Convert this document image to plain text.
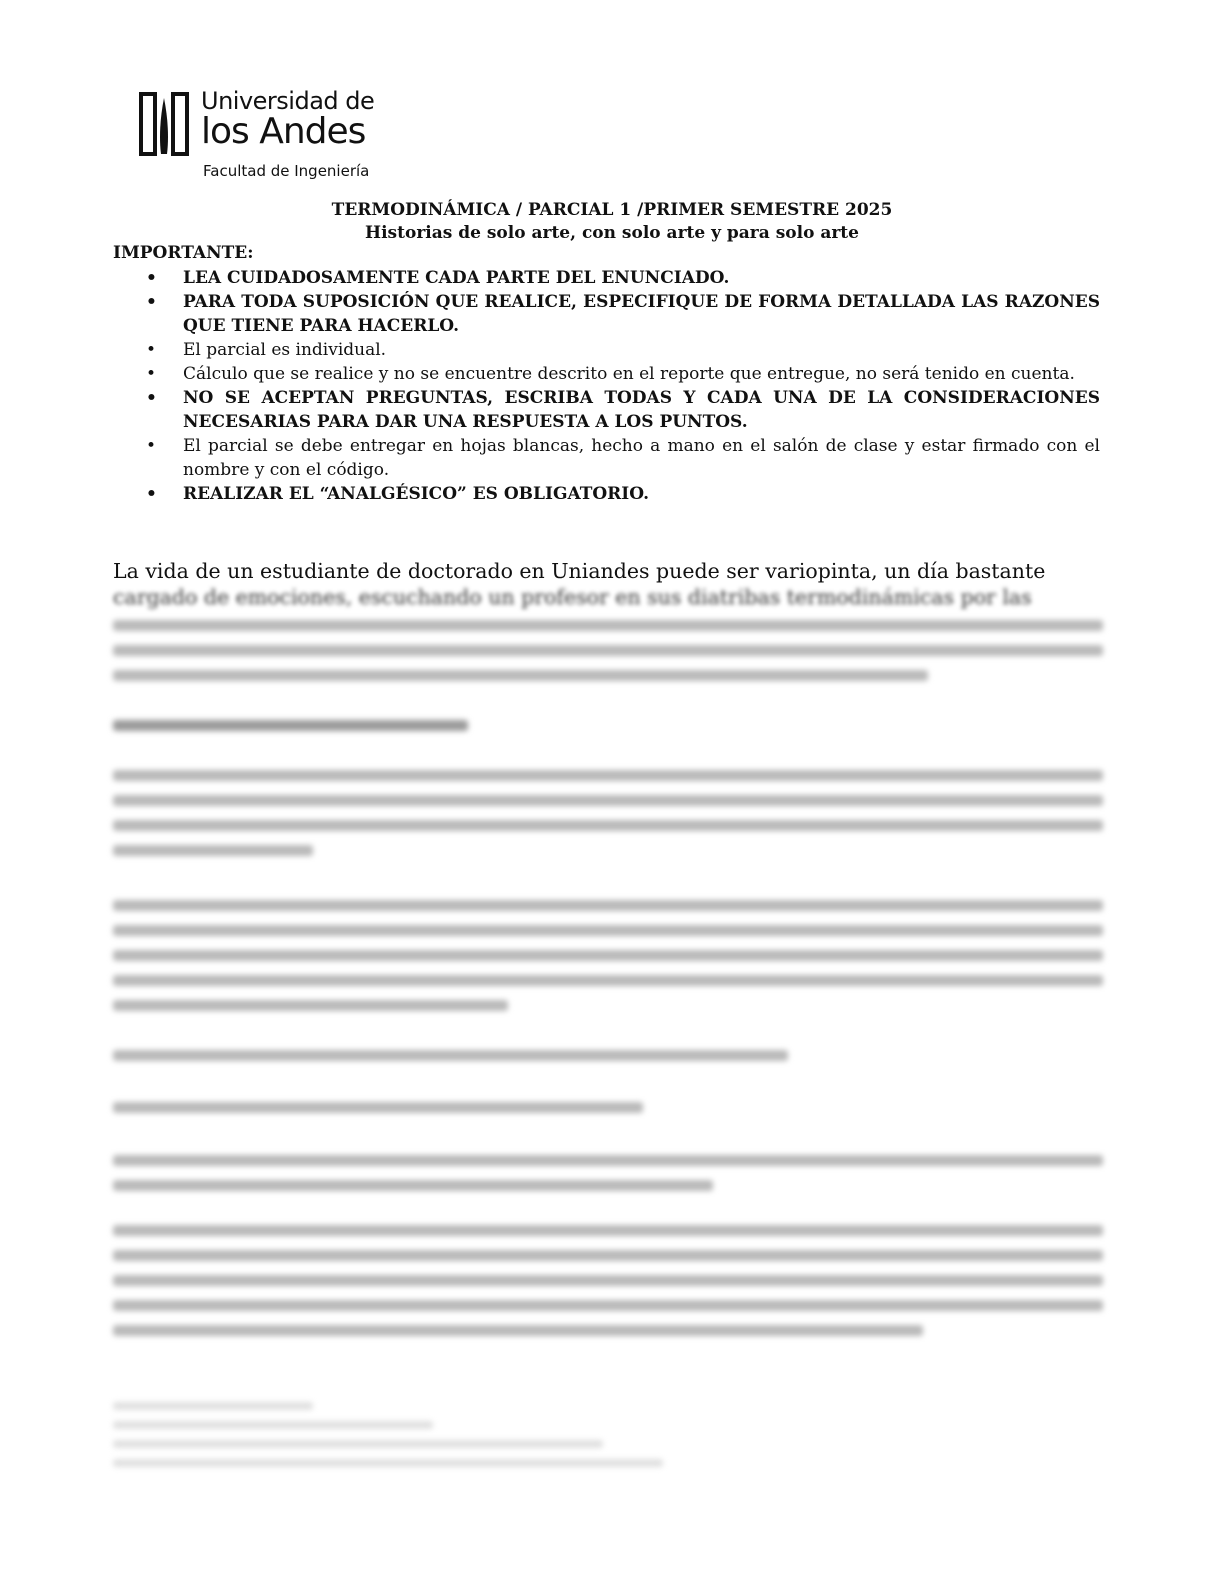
Universidad de
los Andes
Facultad de Ingeniería
TERMODINÁMICA / PARCIAL 1 /PRIMER SEMESTRE 2025
Historias de solo arte, con solo arte y para solo arte
IMPORTANTE:
• LEA CUIDADOSAMENTE CADA PARTE DEL ENUNCIADO.
• PARA TODA SUPOSICIÓN QUE REALICE, ESPECIFIQUE DE FORMA DETALLADA LAS RAZONES QUE TIENE PARA HACERLO.
• El parcial es individual.
• Cálculo que se realice y no se encuentre descrito en el reporte que entregue, no será tenido en cuenta.
• NO SE ACEPTAN PREGUNTAS, ESCRIBA TODAS Y CADA UNA DE LA CONSIDERACIONES NECESARIAS PARA DAR UNA RESPUESTA A LOS PUNTOS.
• El parcial se debe entregar en hojas blancas, hecho a mano en el salón de clase y estar firmado con el nombre y con el código.
• REALIZAR EL “ANALGÉSICO” ES OBLIGATORIO.
La vida de un estudiante de doctorado en Uniandes puede ser variopinta, un día bastante
cargado de emociones, escuchando un profesor en sus diatribas termodinámicas por las
